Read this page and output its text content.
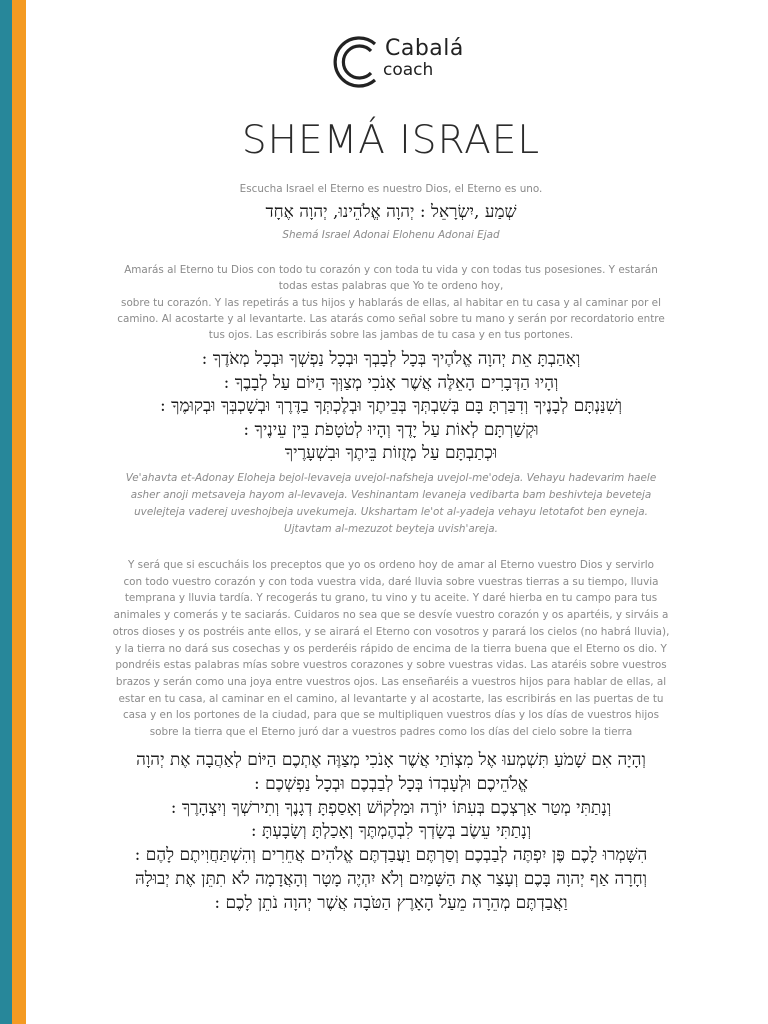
Cabalá
coach
SHEMÁ ISRAEL
Escucha Israel el Eterno es nuestro Dios, el Eterno es uno.
שְׁמַע ,יִשְׂרָאֵל : יְהוָה אֱלֹהֵינוּ, יְהוָה אֶחָד
Shemá Israel Adonai Elohenu Adonai Ejad
Amarás al Eterno tu Dios con todo tu corazón y con toda tu vida y con todas tus posesiones. Y estarán
todas estas palabras que Yo te ordeno hoy,
sobre tu corazón. Y las repetirás a tus hijos y hablarás de ellas, al habitar en tu casa y al caminar por el
camino. Al acostarte y al levantarte. Las atarás como señal sobre tu mano y serán por recordatorio entre
tus ojos. Las escribirás sobre las jambas de tu casa y en tus portones.
וְאָהַבְתָּ אֵת יְהוָה אֱלֹהֶיךָ בְּכָל לְבָבְךָ וּבְכָל נַפְשְׁךָ וּבְכָל מְאֹדֶךָ :
וְהָיוּ הַדְּבָרִים הָאֵלֶּה אֲשֶׁר אָנֹכִי מְצַוְּךָ הַיּוֹם עַל לְבָבֶךָ :
וְשִׁנַּנְתָּם לְבָנֶיךָ וְדִבַּרְתָּ בָּם בְּשִׁבְתְּךָ בְּבֵיתֶךָ וּבְלֶכְתְּךָ בַדֶּרֶךְ וּבְשָׁכְבְּךָ וּבְקוּמֶךָ :
וּקְשַׁרְתָּם לְאוֹת עַל יָדֶךָ וְהָיוּ לְטֹטָפֹת בֵּין עֵינֶיךָ :
וּכְתַבְתָּם עַל מְזֻזוֹת בֵּיתֶךָ וּבִשְׁעָרֶיךָ
Ve'ahavta et-Adonay Eloheja bejol-levaveja uvejol-nafsheja uvejol-me'odeja. Vehayu hadevarim haele
asher anoji metsaveja hayom al-levaveja. Veshinantam levaneja vedibarta bam beshivteja beveteja
uvelejteja vaderej uveshojbeja uvekumeja. Ukshartam le'ot al-yadeja vehayu letotafot ben eyneja.
Ujtavtam al-mezuzot beyteja uvish'areja.
Y será que si escucháis los preceptos que yo os ordeno hoy de amar al Eterno vuestro Dios y servirlo
con todo vuestro corazón y con toda vuestra vida, daré lluvia sobre vuestras tierras a su tiempo, lluvia
temprana y lluvia tardía. Y recogerás tu grano, tu vino y tu aceite. Y daré hierba en tu campo para tus
animales y comerás y te saciarás. Cuidaros no sea que se desvíe vuestro corazón y os apartéis, y sirváis a
otros dioses y os postréis ante ellos, y se airará el Eterno con vosotros y parará los cielos (no habrá lluvia),
y la tierra no dará sus cosechas y os perderéis rápido de encima de la tierra buena que el Eterno os dio. Y
pondréis estas palabras mías sobre vuestros corazones y sobre vuestras vidas. Las ataréis sobre vuestros
brazos y serán como una joya entre vuestros ojos. Las enseñaréis a vuestros hijos para hablar de ellas, al
estar en tu casa, al caminar en el camino, al levantarte y al acostarte, las escribirás en las puertas de tu
casa y en los portones de la ciudad, para que se multipliquen vuestros días y los días de vuestros hijos
sobre la tierra que el Eterno juró dar a vuestros padres como los días del cielo sobre la tierra
וְהָיָה אִם שָׁמֹעַ תִּשְׁמְעוּ אֶל מִצְוֹתַי אֲשֶׁר אָנֹכִי מְצַוֶּה אֶתְכֶם הַיּוֹם לְאַהֲבָה אֶת יְהוָה
אֱלֹהֵיכֶם וּלְעָבְדוֹ בְּכָל לְבַבְכֶם וּבְכָל נַפְשְׁכֶם :
וְנָתַתִּי מְטַר אַרְצְכֶם בְּעִתּוֹ יוֹרֶה וּמַלְקוֹשׁ וְאָסַפְתָּ דְגָנֶךָ וְתִירשְׁךָ וְיִצְהָרֶךָ :
וְנָתַתִּי עֵשֶׂב בְּשָׂדְךָ לִבְהֶמְתֶּךָ וְאָכַלְתָּ וְשָׂבָעְתָּ :
הִשָּׁמְרוּ לָכֶם פֶּן יִפְתֶּה לְבַבְכֶם וְסַרְתֶּם וַעֲבַדְתֶּם אֱלֹהִים אֲחֵרִים וְהִשְׁתַּחֲוִיתֶם לָהֶם :
וְחָרָה אַף יְהוָה בָּכֶם וְעָצַר אֶת הַשָּׁמַיִם וְלֹא יִהְיֶה מָטָר וְהָאֲדָמָה לֹא תִתֵּן אֶת יְבוּלָהּ
וַאֲבַדְתֶּם מְהֵרָה מֵעַל הָאָרֶץ הַטֹּבָה אֲשֶׁר יְהוָה נֹתֵן לָכֶם :
